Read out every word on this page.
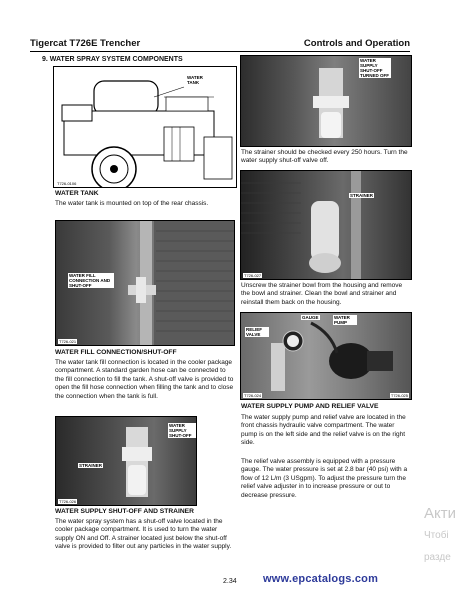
Tigercat T726E Trencher	Controls and Operation
9. WATER SPRAY SYSTEM COMPONENTS
WATER TANK
T726-0106
WATER TANK
The water tank is mounted on top of the rear chassis.
WATER FILL CONNECTION AND SHUT-OFF
T726-021
WATER FILL CONNECTION/SHUT-OFF
The water tank fill connection is located in the cooler package compartment. A standard garden hose can be connected to the fill connection to fill the tank. A shut-off valve is provided to open the fill hose connection when filling the tank and to close the connection when the tank is full.
WATER SUPPLY SHUT-OFF
STRAINER
T726-026
WATER SUPPLY SHUT-OFF AND STRAINER
The water spray system has a shut-off valve located in the cooler package compartment. It is used to turn the water supply ON and Off. A strainer located just below the shut-off valve is provided to filter out any particles in the water supply.
WATER SUPPLY SHUT-OFF TURNED OFF
The strainer should be checked every 250 hours. Turn the water supply shut-off valve off.
STRAINER
T726-027
Unscrew the strainer bowl from the housing and remove the bowl and strainer. Clean the bowl and strainer and reinstall them back on the housing.
GAUGE	WATER PUMP
RELIEF VALVE
T726-024	T726-025
WATER SUPPLY PUMP AND RELIEF VALVE
The water supply pump and relief valve are located in the front chassis hydraulic valve compartment. The water pump is on the left side and the relief valve is on the right side.
The relief valve assembly is equipped with a pressure gauge. The water pressure is set at 2.8 bar (40 psi) with a flow of 12 L/m (3 USgpm). To adjust the pressure turn the relief valve adjuster in to increase pressure or out to decrease pressure.
2.34 www.epcatalogs.com
Акти
Чтобі
разде
